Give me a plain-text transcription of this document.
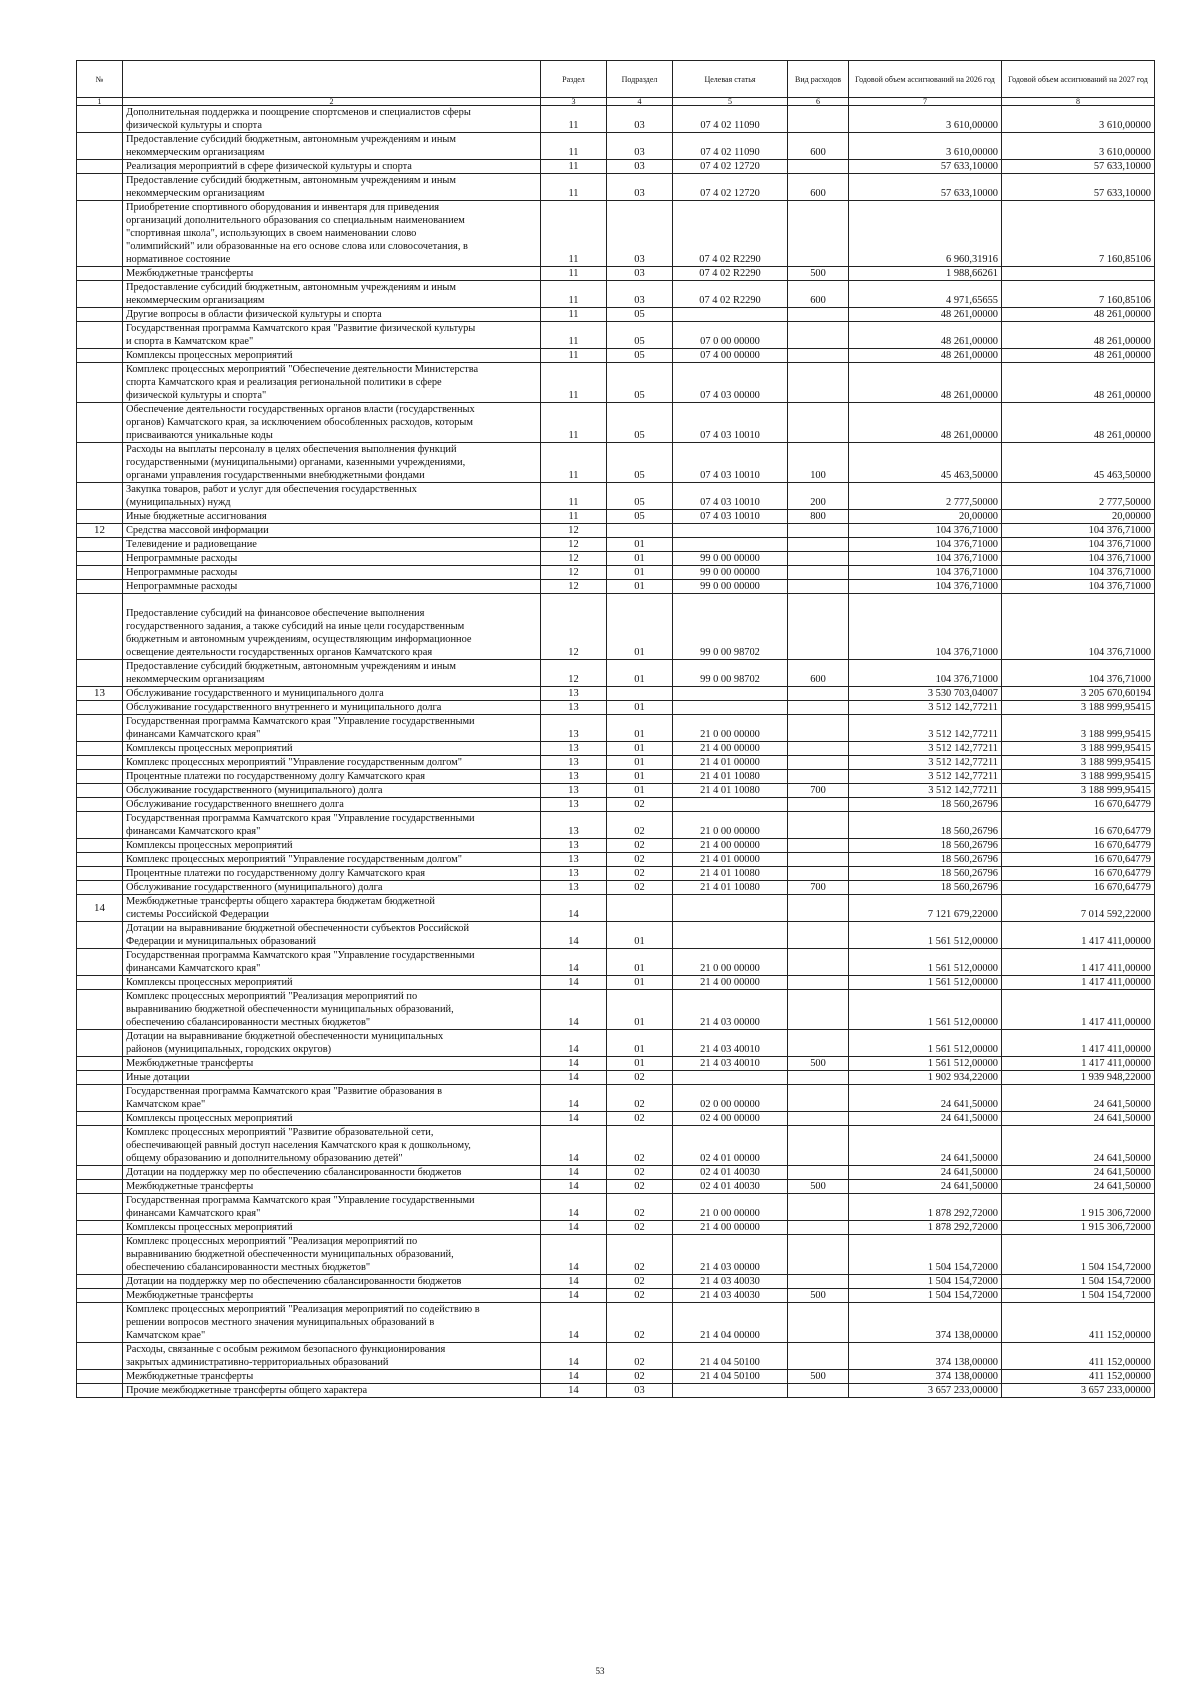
№		Раздел	Подраздел	Целевая статья	Вид расходов	Годовой объем ассигнований на 2026 год	Годовой объем ассигнований на 2027 год
1	2	3	4	5	6	7	8
	Дополнительная поддержка и поощрение спортсменов и специалистов сферы
физической культуры и спорта	11	03	07 4 02 11090		3 610,00000	3 610,00000
	Предоставление субсидий бюджетным, автономным учреждениям и иным
некоммерческим организациям	11	03	07 4 02 11090	600	3 610,00000	3 610,00000
	Реализация мероприятий в сфере физической культуры и спорта	11	03	07 4 02 12720		57 633,10000	57 633,10000
	Предоставление субсидий бюджетным, автономным учреждениям и иным
некоммерческим организациям	11	03	07 4 02 12720	600	57 633,10000	57 633,10000
	Приобретение спортивного оборудования и инвентаря для приведения
организаций дополнительного образования со специальным наименованием
"спортивная школа", использующих в своем наименовании слово
"олимпийский" или образованные на его основе слова или словосочетания, в
нормативное состояние	11	03	07 4 02 R2290		6 960,31916	7 160,85106
	Межбюджетные трансферты	11	03	07 4 02 R2290	500	1 988,66261	
	Предоставление субсидий бюджетным, автономным учреждениям и иным
некоммерческим организациям	11	03	07 4 02 R2290	600	4 971,65655	7 160,85106
	Другие вопросы в области физической культуры и спорта	11	05			48 261,00000	48 261,00000
	Государственная программа Камчатского края "Развитие физической культуры
и спорта в Камчатском крае"	11	05	07 0 00 00000		48 261,00000	48 261,00000
	Комплексы процессных мероприятий	11	05	07 4 00 00000		48 261,00000	48 261,00000
	Комплекс процессных мероприятий "Обеспечение деятельности Министерства
спорта Камчатского края и реализация региональной политики в сфере
физической культуры и спорта"	11	05	07 4 03 00000		48 261,00000	48 261,00000
	Обеспечение деятельности государственных органов власти (государственных
органов) Камчатского края, за исключением обособленных расходов, которым
присваиваются уникальные коды	11	05	07 4 03 10010		48 261,00000	48 261,00000
	Расходы на выплаты персоналу в целях обеспечения выполнения функций
государственными (муниципальными) органами, казенными учреждениями,
органами управления государственными внебюджетными фондами	11	05	07 4 03 10010	100	45 463,50000	45 463,50000
	Закупка товаров, работ и услуг для обеспечения государственных
(муниципальных) нужд	11	05	07 4 03 10010	200	2 777,50000	2 777,50000
	Иные бюджетные ассигнования	11	05	07 4 03 10010	800	20,00000	20,00000
12	Средства массовой информации	12				104 376,71000	104 376,71000
	Телевидение и радиовещание	12	01			104 376,71000	104 376,71000
	Непрограммные расходы	12	01	99 0 00 00000		104 376,71000	104 376,71000
	Непрограммные расходы	12	01	99 0 00 00000		104 376,71000	104 376,71000
	Непрограммные расходы	12	01	99 0 00 00000		104 376,71000	104 376,71000

Предоставление субсидий на финансовое обеспечение выполнения
государственного задания, а также субсидий на иные цели государственным
бюджетным и автономным учреждениям, осуществляющим информационное
освещение деятельности государственных органов Камчатского края	12	01	99 0 00 98702		104 376,71000	104 376,71000
	Предоставление субсидий бюджетным, автономным учреждениям и иным
некоммерческим организациям	12	01	99 0 00 98702	600	104 376,71000	104 376,71000
13	Обслуживание государственного и муниципального долга	13				3 530 703,04007	3 205 670,60194
	Обслуживание государственного внутреннего и муниципального долга	13	01			3 512 142,77211	3 188 999,95415
	Государственная программа Камчатского края "Управление государственными
финансами Камчатского края"	13	01	21 0 00 00000		3 512 142,77211	3 188 999,95415
	Комплексы процессных мероприятий	13	01	21 4 00 00000		3 512 142,77211	3 188 999,95415
	Комплекс процессных мероприятий "Управление государственным долгом"	13	01	21 4 01 00000		3 512 142,77211	3 188 999,95415
	Процентные платежи по государственному долгу Камчатского края	13	01	21 4 01 10080		3 512 142,77211	3 188 999,95415
	Обслуживание государственного (муниципального) долга	13	01	21 4 01 10080	700	3 512 142,77211	3 188 999,95415
	Обслуживание государственного внешнего долга	13	02			18 560,26796	16 670,64779
	Государственная программа Камчатского края "Управление государственными
финансами Камчатского края"	13	02	21 0 00 00000		18 560,26796	16 670,64779
	Комплексы процессных мероприятий	13	02	21 4 00 00000		18 560,26796	16 670,64779
	Комплекс процессных мероприятий "Управление государственным долгом"	13	02	21 4 01 00000		18 560,26796	16 670,64779
	Процентные платежи по государственному долгу Камчатского края	13	02	21 4 01 10080		18 560,26796	16 670,64779
	Обслуживание государственного (муниципального) долга	13	02	21 4 01 10080	700	18 560,26796	16 670,64779
14	Межбюджетные трансферты общего характера бюджетам бюджетной
системы Российской Федерации	14				7 121 679,22000	7 014 592,22000
	Дотации на выравнивание бюджетной обеспеченности субъектов Российской
Федерации и муниципальных образований	14	01			1 561 512,00000	1 417 411,00000
	Государственная программа Камчатского края "Управление государственными
финансами Камчатского края"	14	01	21 0 00 00000		1 561 512,00000	1 417 411,00000
	Комплексы процессных мероприятий	14	01	21 4 00 00000		1 561 512,00000	1 417 411,00000
	Комплекс процессных мероприятий "Реализация мероприятий по
выравниванию бюджетной обеспеченности муниципальных образований,
обеспечению сбалансированности местных бюджетов"	14	01	21 4 03 00000		1 561 512,00000	1 417 411,00000
	Дотации на выравнивание бюджетной обеспеченности муниципальных
районов (муниципальных, городских округов)	14	01	21 4 03 40010		1 561 512,00000	1 417 411,00000
	Межбюджетные трансферты	14	01	21 4 03 40010	500	1 561 512,00000	1 417 411,00000
	Иные дотации	14	02			1 902 934,22000	1 939 948,22000
	Государственная программа Камчатского края "Развитие образования в
Камчатском крае"	14	02	02 0 00 00000		24 641,50000	24 641,50000
	Комплексы процессных мероприятий	14	02	02 4 00 00000		24 641,50000	24 641,50000
	Комплекс процессных мероприятий "Развитие образовательной сети,
обеспечивающей равный доступ населения Камчатского края к дошкольному,
общему образованию и дополнительному образованию детей"	14	02	02 4 01 00000		24 641,50000	24 641,50000
	Дотации на поддержку мер по обеспечению сбалансированности бюджетов	14	02	02 4 01 40030		24 641,50000	24 641,50000
	Межбюджетные трансферты	14	02	02 4 01 40030	500	24 641,50000	24 641,50000
	Государственная программа Камчатского края "Управление государственными
финансами Камчатского края"	14	02	21 0 00 00000		1 878 292,72000	1 915 306,72000
	Комплексы процессных мероприятий	14	02	21 4 00 00000		1 878 292,72000	1 915 306,72000
	Комплекс процессных мероприятий "Реализация мероприятий по
выравниванию бюджетной обеспеченности муниципальных образований,
обеспечению сбалансированности местных бюджетов"	14	02	21 4 03 00000		1 504 154,72000	1 504 154,72000
	Дотации на поддержку мер по обеспечению сбалансированности бюджетов	14	02	21 4 03 40030		1 504 154,72000	1 504 154,72000
	Межбюджетные трансферты	14	02	21 4 03 40030	500	1 504 154,72000	1 504 154,72000
	Комплекс процессных мероприятий "Реализация мероприятий по содействию в
решении вопросов местного значения муниципальных образований в
Камчатском крае"	14	02	21 4 04 00000		374 138,00000	411 152,00000
	Расходы, связанные с особым режимом безопасного функционирования
закрытых административно-территориальных образований	14	02	21 4 04 50100		374 138,00000	411 152,00000
	Межбюджетные трансферты	14	02	21 4 04 50100	500	374 138,00000	411 152,00000
	Прочие межбюджетные трансферты общего характера	14	03			3 657 233,00000	3 657 233,00000
53
